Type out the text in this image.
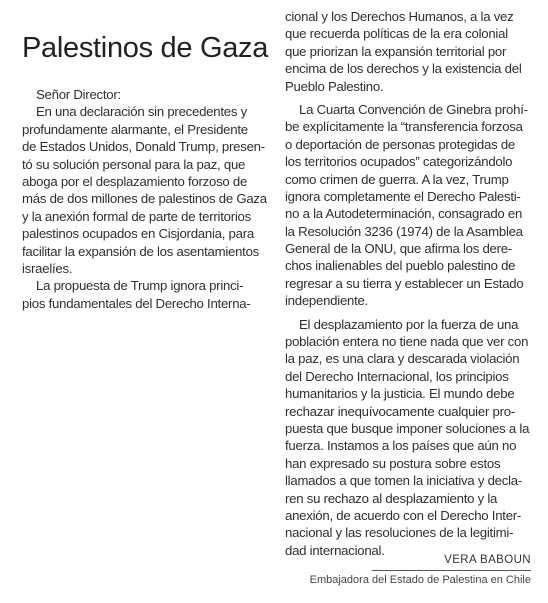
Palestinos de Gaza
Señor Director:
En una declaración sin precedentes y
profundamente alarmante, el Presidente
de Estados Unidos, Donald Trump, presen-
tó su solución personal para la paz, que
aboga por el desplazamiento forzoso de
más de dos millones de palestinos de Gaza
y la anexión formal de parte de territorios
palestinos ocupados en Cisjordania, para
facilitar la expansión de los asentamientos
israelíes.
La propuesta de Trump ignora princi-
pios fundamentales del Derecho Interna-
cional y los Derechos Humanos, a la vez
que recuerda políticas de la era colonial
que priorizan la expansión territorial por
encima de los derechos y la existencia del
Pueblo Palestino.
La Cuarta Convención de Ginebra prohí-
be explícitamente la “transferencia forzosa
o deportación de personas protegidas de
los territorios ocupados” categorizándolo
como crimen de guerra. A la vez, Trump
ignora completamente el Derecho Palesti-
no a la Autodeterminación, consagrado en
la Resolución 3236 (1974) de la Asamblea
General de la ONU, que afirma los dere-
chos inalienables del pueblo palestino de
regresar a su tierra y establecer un Estado
independiente.
El desplazamiento por la fuerza de una
población entera no tiene nada que ver con
la paz, es una clara y descarada violación
del Derecho Internacional, los principios
humanitarios y la justicia. El mundo debe
rechazar inequívocamente cualquier pro-
puesta que busque imponer soluciones a la
fuerza. Instamos a los países que aún no
han expresado su postura sobre estos
llamados a que tomen la iniciativa y decla-
ren su rechazo al desplazamiento y la
anexión, de acuerdo con el Derecho Inter-
nacional y las resoluciones de la legitimi-
dad internacional.
VERA BABOUN
Embajadora del Estado de Palestina en Chile
